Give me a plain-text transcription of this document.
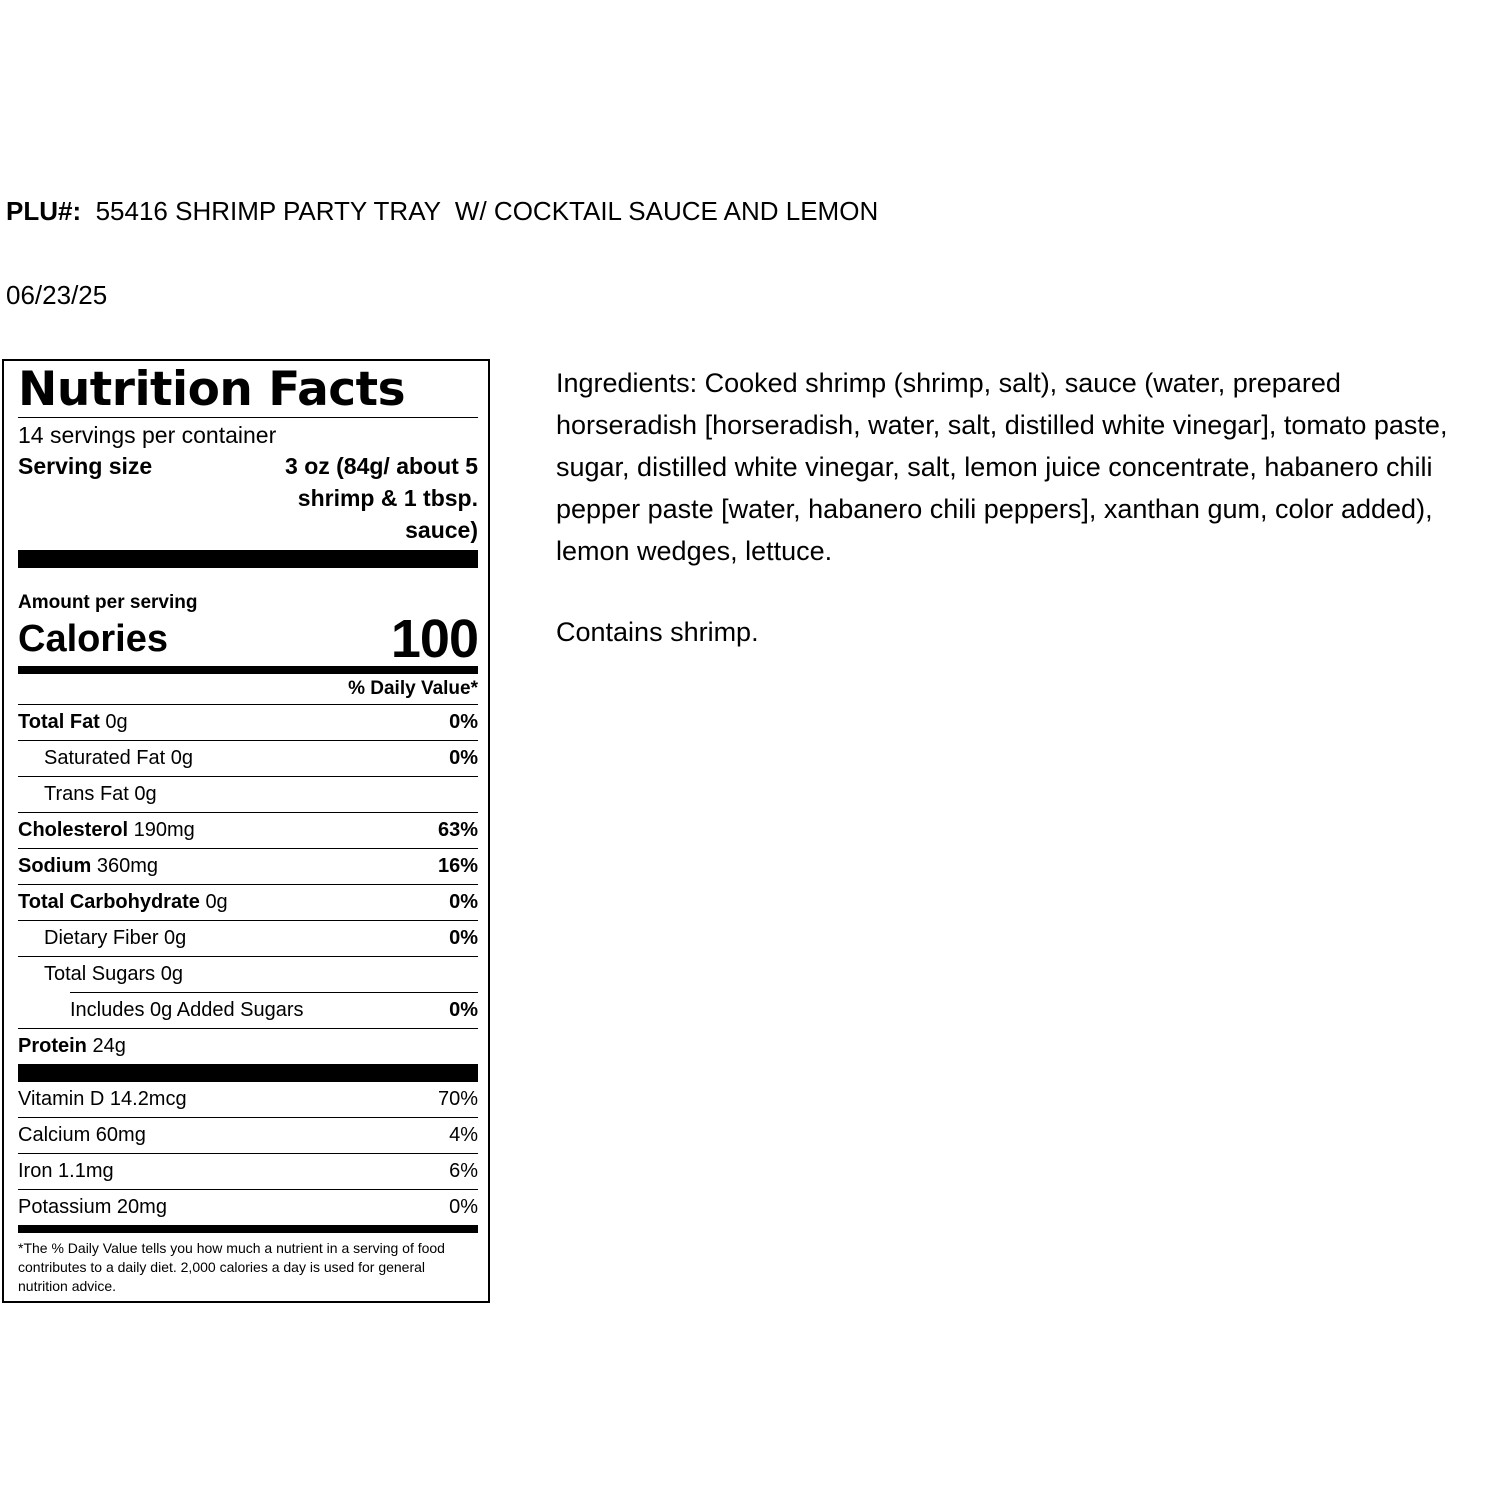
PLU#: 55416 SHRIMP PARTY TRAY  W/ COCKTAIL SAUCE AND LEMON
06/23/25
Nutrition Facts
14 servings per container
Serving size	3 oz (84g/ about 5 shrimp & 1 tbsp. sauce)
Amount per serving
Calories	100
% Daily Value*
Total Fat 0g	0%
Saturated Fat 0g	0%
Trans Fat 0g
Cholesterol 190mg	63%
Sodium 360mg	16%
Total Carbohydrate 0g	0%
Dietary Fiber 0g	0%
Total Sugars 0g
Includes 0g Added Sugars	0%
Protein 24g
Vitamin D 14.2mcg	70%
Calcium 60mg	4%
Iron 1.1mg	6%
Potassium 20mg	0%
*The % Daily Value tells you how much a nutrient in a serving of food contributes to a daily diet. 2,000 calories a day is used for general nutrition advice.
Ingredients: Cooked shrimp (shrimp, salt), sauce (water, prepared horseradish [horseradish, water, salt, distilled white vinegar], tomato paste, sugar, distilled white vinegar, salt, lemon juice concentrate, habanero chili pepper paste [water, habanero chili peppers], xanthan gum, color added), lemon wedges, lettuce.
Contains shrimp.
